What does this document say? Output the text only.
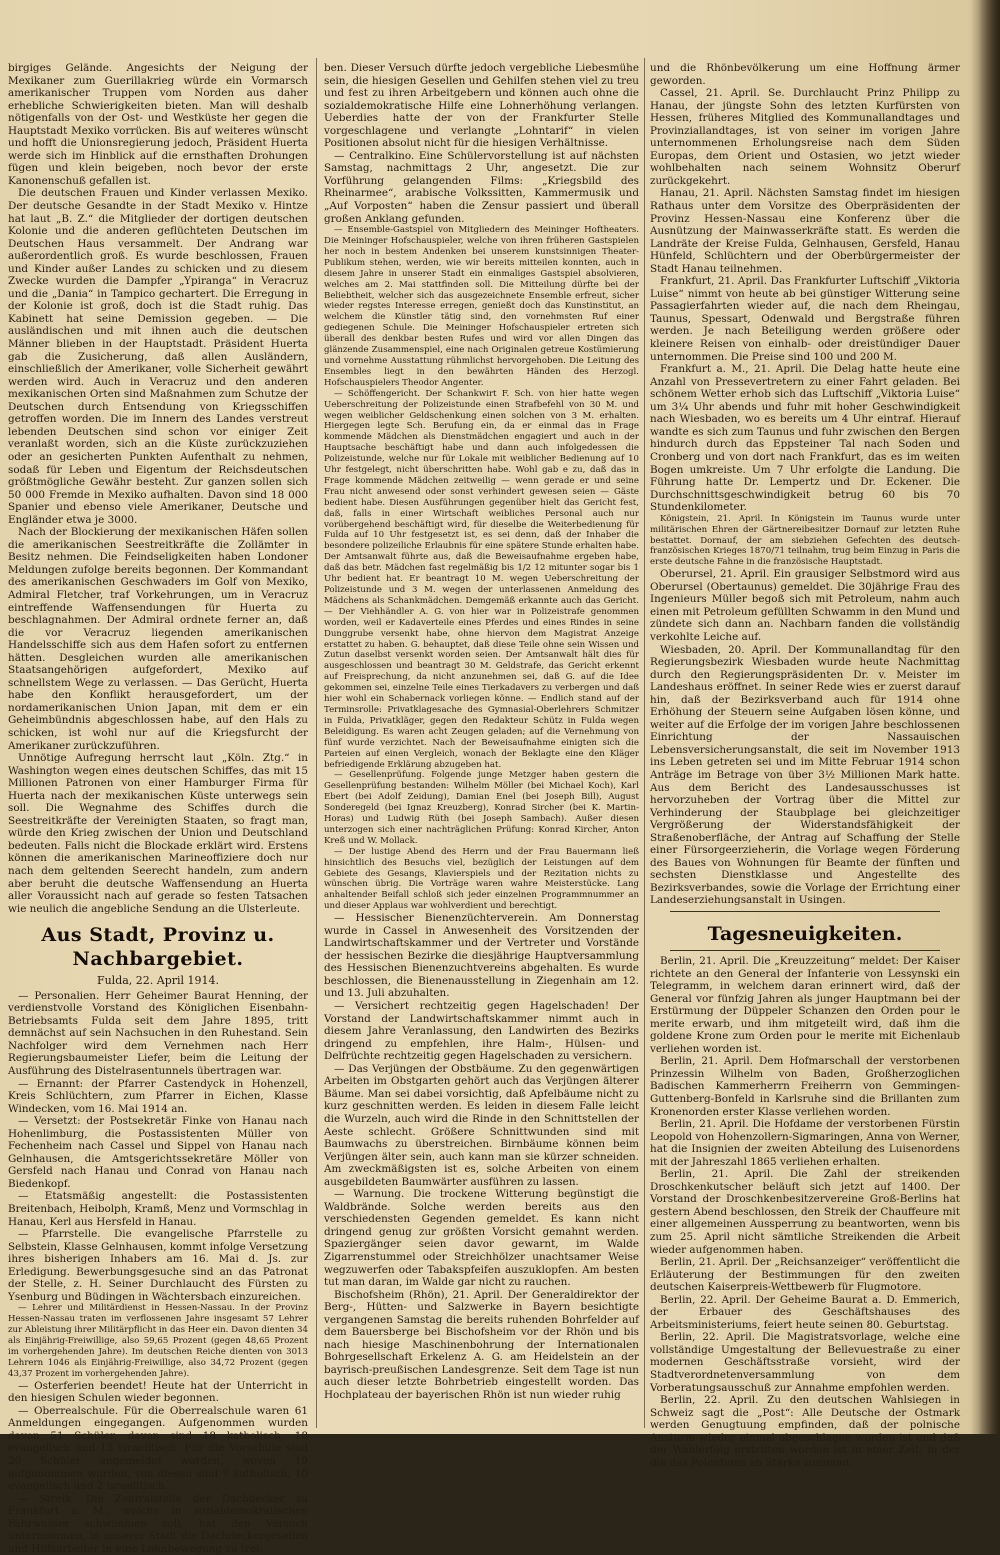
birgiges Gelände. Angesichts der Neigung der Mexikaner zum Guerillakrieg würde ein Vormarsch amerikanischer Truppen vom Norden aus daher erhebliche Schwierigkeiten bieten. Man will deshalb nötigenfalls von der Ost- und Westküste her gegen die Hauptstadt Mexiko vorrücken. Bis auf weiteres wünscht und hofft die Unionsregierung jedoch, Präsident Huerta werde sich im Hinblick auf die ernsthaften Drohungen fügen und klein beigeben, noch bevor der erste Kanonenschuß gefallen ist.

Die deutschen Frauen und Kinder verlassen Mexiko. Der deutsche Gesandte in der Stadt Mexiko v. Hintze hat laut „B. Z.“ die Mitglieder der dortigen deutschen Kolonie und die anderen geflüchteten Deutschen im Deutschen Haus versammelt. Der Andrang war außerordentlich groß. Es wurde beschlossen, Frauen und Kinder außer Landes zu schicken und zu diesem Zwecke wurden die Dampfer „Ypiranga“ in Veracruz und die „Dania“ in Tampico gechartert. Die Erregung in der Kolonie ist groß, doch ist die Stadt ruhig. Das Kabinett hat seine Demission gegeben. — Die ausländischen und mit ihnen auch die deutschen Männer blieben in der Hauptstadt. Präsident Huerta gab die Zusicherung, daß allen Ausländern, einschließlich der Amerikaner, volle Sicherheit gewährt werden wird. Auch in Veracruz und den anderen mexikanischen Orten sind Maßnahmen zum Schutze der Deutschen durch Entsendung von Kriegsschiffen getroffen worden. Die im Innern des Landes verstreut lebenden Deutschen sind schon vor einiger Zeit veranlaßt worden, sich an die Küste zurückzuziehen oder an gesicherten Punkten Aufenthalt zu nehmen, sodaß für Leben und Eigentum der Reichsdeutschen größtmögliche Gewähr besteht. Zur ganzen sollen sich 50 000 Fremde in Mexiko aufhalten. Davon sind 18 000 Spanier und ebenso viele Amerikaner, Deutsche und Engländer etwa je 3000.

Nach der Blockierung der mexikanischen Häfen sollen die amerikanischen Seestreitkräfte die Zollämter in Besitz nehmen. Die Feindseligkeiten haben Londoner Meldungen zufolge bereits begonnen. Der Kommandant des amerikanischen Geschwaders im Golf von Mexiko, Admiral Fletcher, traf Vorkehrungen, um in Veracruz eintreffende Waffensendungen für Huerta zu beschlagnahmen. Der Admiral ordnete ferner an, daß die vor Veracruz liegenden amerikanischen Handelsschiffe sich aus dem Hafen sofort zu entfernen hätten. Desgleichen wurden alle amerikanischen Staatsangehörigen aufgefordert, Mexiko auf schnellstem Wege zu verlassen. — Das Gerücht, Huerta habe den Konflikt herausgefordert, um der nordamerikanischen Union Japan, mit dem er ein Geheimbündnis abgeschlossen habe, auf den Hals zu schicken, ist wohl nur auf die Kriegsfurcht der Amerikaner zurückzuführen.

Unnötige Aufregung herrscht laut „Köln. Ztg.“ in Washington wegen eines deutschen Schiffes, das mit 15 Millionen Patronen von einer Hamburger Firma für Huerta nach der mexikanischen Küste unterwegs sein soll. Die Wegnahme des Schiffes durch die Seestreitkräfte der Vereinigten Staaten, so fragt man, würde den Krieg zwischen der Union und Deutschland bedeuten. Falls nicht die Blockade erklärt wird. Erstens können die amerikanischen Marineoffiziere doch nur nach dem geltenden Seerecht handeln, zum andern aber beruht die deutsche Waffensendung an Huerta aller Voraussicht nach auf gerade so festen Tatsachen wie neulich die angebliche Sendung an die Ulsterleute.

Aus Stadt, Provinz u. Nachbargebiet.

Fulda, 22. April 1914.

— Personalien. Herr Geheimer Baurat Henning, der verdienstvolle Vorstand des Königlichen Eisenbahn-Betriebsamts Fulda seit dem Jahre 1895, tritt demnächst auf sein Nachsuchen in den Ruhestand. Sein Nachfolger wird dem Vernehmen nach Herr Regierungsbaumeister Liefer, beim die Leitung der Ausführung des Distelrasentunnels übertragen war.

— Ernannt: der Pfarrer Castendyck in Hohenzell, Kreis Schlüchtern, zum Pfarrer in Eichen, Klasse Windecken, vom 16. Mai 1914 an.

— Versetzt: der Postsekretär Finke von Hanau nach Hohenlimburg, die Postassistenten Müller von Fechenheim nach Cassel und Sippel von Hanau nach Gelnhausen, die Amtsgerichtssekretäre Möller von Gersfeld nach Hanau und Conrad von Hanau nach Biedenkopf.

— Etatsmäßig angestellt: die Postassistenten Breitenbach, Heibolph, Kramß, Menz und Vormschlag in Hanau, Kerl aus Hersfeld in Hanau.

— Pfarrstelle. Die evangelische Pfarrstelle zu Selbstein, Klasse Gelnhausen, kommt infolge Versetzung ihres bisherigen Inhabers am 16. Mai d. Js. zur Erledigung. Bewerbungsgesuche sind an das Patronat der Stelle, z. H. Seiner Durchlaucht des Fürsten zu Ysenburg und Büdingen in Wächtersbach einzureichen.

— Lehrer und Militärdienst in Hessen-Nassau. In der Provinz Hessen-Nassau traten im verflossenen Jahre insgesamt 57 Lehrer zur Ableistung ihrer Militärpflicht in das Heer ein. Davon dienten 34 als Einjährig-Freiwillige, also 59,65 Prozent (gegen 48,65 Prozent im vorhergehenden Jahre). Im deutschen Reiche dienten von 3013 Lehrern 1046 als Einjährig-Freiwillige, also 34,72 Prozent (gegen 43,37 Prozent im vorhergehenden Jahre).

— Osterferien beendet! Heute hat der Unterricht in den hiesigen Schulen wieder begonnen.

— Oberrealschule. Für die Oberrealschule waren 61 Anmeldungen eingegangen. Aufgenommen wurden davon 51 Schüler, davon sind 18 katholisch, 18 evangelisch und 15 israelitisch. Für die Vorschule sind 20 Schüler angemeldet worden, wovon 19 aufgenommen wurden, von diesen sind 7 katholisch, 10 evangelisch und 2 israelitisch.

— Streik. Die Zentralstelle der Dachdecker zu Frankfurt a. M., welche in sozialdemokratischen Fahrwasser schwimmen soll, hat den Versuch unternommen, in unserer Stadt die Dachdeckergesellen und Hilfsarbeiter in eine Lohnbewegung zu trei-

ben. Dieser Versuch dürfte jedoch vergebliche Liebesmühe sein, die hiesigen Gesellen und Gehilfen stehen viel zu treu und fest zu ihren Arbeitgebern und können auch ohne die sozialdemokratische Hilfe eine Lohnerhöhung verlangen. Ueberdies hatte der von der Frankfurter Stelle vorgeschlagene und verlangte „Lohntarif“ in vielen Positionen absolut nicht für die hiesigen Verhältnisse.

— Centralkino. Eine Schülervorstellung ist auf nächsten Samstag, nachmittags 2 Uhr, angesetzt. Die zur Vorführung gelangenden Films: „Kriegsbild des Rheinarmee“, arabische Volkssitten, Kammermusik und „Auf Vorposten“ haben die Zensur passiert und überall großen Anklang gefunden.

— Ensemble-Gastspiel von Mitgliedern des Meininger Hoftheaters. Die Meininger Hofschauspieler, welche von ihren früheren Gastspielen her noch in bestem Andenken bei unserem kunstsinnigen Theater-Publikum stehen, werden, wie wir bereits mitteilen konnten, auch in diesem Jahre in unserer Stadt ein einmaliges Gastspiel absolvieren, welches am 2. Mai stattfinden soll. Die Mitteilung dürfte bei der Beliebtheit, welcher sich das ausgezeichnete Ensemble erfreut, sicher wieder regstes Interesse erregen, genießt doch das Kunstinstitut, an welchem die Künstler tätig sind, den vornehmsten Ruf einer gediegenen Schule. Die Meininger Hofschauspieler ertreten sich überall des denkbar besten Rufes und wird vor allen Dingen das glänzende Zusammenspiel, eine nach Originalen getreue Kostümierung und vornehme Ausstattung rühmlichst hervorgehoben. Die Leitung des Ensembles liegt in den bewährten Händen des Herzogl. Hofschauspielers Theodor Angenter.

— Schöffengericht. Der Schankwirt F. Sch. von hier hatte wegen Ueberschreitung der Polizeistunde einen Strafbefehl von 30 M. und wegen weiblicher Geldschenkung einen solchen von 3 M. erhalten. Hiergegen legte Sch. Berufung ein, da er einmal das in Frage kommende Mädchen als Dienstmädchen engagiert und auch in der Hauptsache beschäftigt habe und dann auch infolgedessen die Polizeistunde, welche nur für Lokale mit weiblicher Bedienung auf 10 Uhr festgelegt, nicht überschritten habe. Wohl gab e zu, daß das in Frage kommende Mädchen zeitweilig — wenn gerade er und seine Frau nicht anwesend oder sonst verhindert gewesen seien — Gäste bedient habe. Diesen Ausführungen gegenüber hielt das Gericht fest, daß, falls in einer Wirtschaft weibliches Personal auch nur vorübergehend beschäftigt wird, für dieselbe die Weiterbedienung für Fulda auf 10 Uhr festgesetzt ist, es sei denn, daß der Inhaber die besondere polizeiliche Erlaubnis für eine spätere Stunde erhalten habe. Der Amtsanwalt führte aus, daß die Beweisaufnahme ergeben habe, daß das betr. Mädchen fast regelmäßig bis 1/2 12 mitunter sogar bis 1 Uhr bedient hat. Er beantragt 10 M. wegen Ueberschreitung der Polizeistunde und 3 M. wegen der unterlassenen Anmeldung des Mädchens als Schankmädchen. Demgemäß erkannte auch das Gericht. — Der Viehhändler A. G. von hier war in Polizeistrafe genommen worden, weil er Kadaverteile eines Pferdes und eines Rindes in seine Dunggrube versenkt habe, ohne hiervon dem Magistrat Anzeige erstattet zu haben. G. behauptet, daß diese Teile ohne sein Wissen und Zutun daselbst versenkt worden seien. Der Amtsanwalt hält dies für ausgeschlossen und beantragt 30 M. Geldstrafe, das Gericht erkennt auf Freisprechung, da nicht anzunehmen sei, daß G. auf die Idee gekommen sei, einzelne Teile eines Tierkadavers zu verbergen und daß hier wohl ein Schabernack vorliegen könne. — Endlich stand auf der Terminsrolle: Privatklagesache des Gymnasial-Oberlehrers Schmitzer in Fulda, Privatkläger, gegen den Redakteur Schütz in Fulda wegen Beleidigung. Es waren acht Zeugen geladen; auf die Vernehmung von fünf wurde verzichtet. Nach der Beweisaufnahme einigten sich die Parteien auf einen Vergleich, wonach der Beklagte eine den Kläger befriedigende Erklärung abzugeben hat.

— Gesellenprüfung. Folgende junge Metzger haben gestern die Gesellenprüfung bestanden: Wilhelm Möller (bei Michael Koch), Karl Ebert (bei Adolf Zeidung), Damian Enel (bei Joseph Bill), August Sonderegeld (bei Ignaz Kreuzberg), Konrad Sircher (bei K. Martin-Horas) und Ludwig Rüth (bei Joseph Sambach). Außer diesen unterzogen sich einer nachträglichen Prüfung: Konrad Kircher, Anton Kreß und W. Mollack.

— Der lustige Abend des Herrn und der Frau Bauermann ließ hinsichtlich des Besuchs viel, bezüglich der Leistungen auf dem Gebiete des Gesangs, Klavierspiels und der Rezitation nichts zu wünschen übrig. Die Vorträge waren wahre Meisterstücke. Lang anhaltender Beifall schloß sich jeder einzelnen Programmnummer an und dieser Applaus war wohlverdient und berechtigt.

— Hessischer Bienenzüchterverein. Am Donnerstag wurde in Cassel in Anwesenheit des Vorsitzenden der Landwirtschaftskammer und der Vertreter und Vorstände der hessischen Bezirke die diesjährige Hauptversammlung des Hessischen Bienenzuchtvereins abgehalten. Es wurde beschlossen, die Bienenausstellung in Ziegenhain am 12. und 13. Juli abzuhalten.

— Versichert rechtzeitig gegen Hagelschaden! Der Vorstand der Landwirtschaftskammer nimmt auch in diesem Jahre Veranlassung, den Landwirten des Bezirks dringend zu empfehlen, ihre Halm-, Hülsen- und Delfrüchte rechtzeitig gegen Hagelschaden zu versichern.

— Das Verjüngen der Obstbäume. Zu den gegenwärtigen Arbeiten im Obstgarten gehört auch das Verjüngen älterer Bäume. Man sei dabei vorsichtig, daß Apfelbäume nicht zu kurz geschnitten werden. Es leiden in diesem Falle leicht die Wurzeln, auch wird die Rinde in den Schnittstellen der Aeste schlecht. Größere Schnittwunden sind mit Baumwachs zu überstreichen. Birnbäume können beim Verjüngen älter sein, auch kann man sie kürzer schneiden. Am zweckmäßigsten ist es, solche Arbeiten von einem ausgebildeten Baumwärter ausführen zu lassen.

— Warnung. Die trockene Witterung begünstigt die Waldbrände. Solche werden bereits aus den verschiedensten Gegenden gemeldet. Es kann nicht dringend genug zur größten Vorsicht gemahnt werden. Spaziergänger seien davor gewarnt, im Walde Zigarrenstummel oder Streichhölzer unachtsamer Weise wegzuwerfen oder Tabakspfeifen auszuklopfen. Am besten tut man daran, im Walde gar nicht zu rauchen.

Bischofsheim (Rhön), 21. April. Der Generaldirektor der Berg-, Hütten- und Salzwerke in Bayern besichtigte vergangenen Samstag die bereits ruhenden Bohrfelder auf dem Bauersberge bei Bischofsheim vor der Rhön und bis nach hiesige Maschinenbohrung der Internationalen Bohrgesellschaft Erkelenz A. G. am Heidelstein an der bayrisch-preußischen Landesgrenze. Seit dem Tage ist nun auch dieser letzte Bohrbetrieb eingestellt worden. Das Hochplateau der bayerischen Rhön ist nun wieder ruhig

und die Rhönbevölkerung um eine Hoffnung ärmer geworden.

Cassel, 21. April. Se. Durchlaucht Prinz Philipp zu Hanau, der jüngste Sohn des letzten Kurfürsten von Hessen, früheres Mitglied des Kommunallandtages und Provinziallandtages, ist von seiner im vorigen Jahre unternommenen Erholungsreise nach dem Süden Europas, dem Orient und Ostasien, wo jetzt wieder wohlbehalten nach seinem Wohnsitz Oberurf zurückgekehrt.

Hanau, 21. April. Nächsten Samstag findet im hiesigen Rathaus unter dem Vorsitze des Oberpräsidenten der Provinz Hessen-Nassau eine Konferenz über die Ausnützung der Mainwasserkräfte statt. Es werden die Landräte der Kreise Fulda, Gelnhausen, Gersfeld, Hanau Hünfeld, Schlüchtern und der Oberbürgermeister der Stadt Hanau teilnehmen.

Frankfurt, 21. April. Das Frankfurter Luftschiff „Viktoria Luise“ nimmt von heute ab bei günstiger Witterung seine Passagierfahrten wieder auf, die nach dem Rheingau, Taunus, Spessart, Odenwald und Bergstraße führen werden. Je nach Beteiligung werden größere oder kleinere Reisen von einhalb- oder dreistündiger Dauer unternommen. Die Preise sind 100 und 200 M.

Frankfurt a. M., 21. April. Die Delag hatte heute eine Anzahl von Pressevertretern zu einer Fahrt geladen. Bei schönem Wetter erhob sich das Luftschiff „Viktoria Luise“ um 3¼ Uhr abends und fuhr mit hoher Geschwindigkeit nach Wiesbaden, wo es bereits um 4 Uhr eintraf. Hierauf wandte es sich zum Taunus und fuhr zwischen den Bergen hindurch durch das Eppsteiner Tal nach Soden und Cronberg und von dort nach Frankfurt, das es im weiten Bogen umkreiste. Um 7 Uhr erfolgte die Landung. Die Führung hatte Dr. Lempertz und Dr. Eckener. Die Durchschnittsgeschwindigkeit betrug 60 bis 70 Stundenkilometer.

Königstein, 21. April. In Königstein im Taunus wurde unter militärischen Ehren der Gärtnereibesitzer Dornauf zur letzten Ruhe bestattet. Dornauf, der am siebziehen Gefechten des deutsch-französischen Krieges 1870/71 teilnahm, trug beim Einzug in Paris die erste deutsche Fahne in die französische Hauptstadt.

Oberursel, 21. April. Ein grausiger Selbstmord wird aus Oberursel (Obertaunus) gemeldet. Die 30jährige Frau des Ingenieurs Müller begoß sich mit Petroleum, nahm auch einen mit Petroleum gefüllten Schwamm in den Mund und zündete sich dann an. Nachbarn fanden die vollständig verkohlte Leiche auf.

Wiesbaden, 20. April. Der Kommunallandtag für den Regierungsbezirk Wiesbaden wurde heute Nachmittag durch den Regierungspräsidenten Dr. v. Meister im Landeshaus eröffnet. In seiner Rede wies er zuerst darauf hin, daß der Bezirksverband auch für 1914 ohne Erhöhung der Steuern seine Aufgaben lösen könne, und weiter auf die Erfolge der im vorigen Jahre beschlossenen Einrichtung der Nassauischen Lebensversicherungsanstalt, die seit im November 1913 ins Leben getreten sei und im Mitte Februar 1914 schon Anträge im Betrage von über 3½ Millionen Mark hatte. Aus dem Bericht des Landesausschusses ist hervorzuheben der Vortrag über die Mittel zur Verhinderung der Staubplage bei gleichzeitiger Vergrößerung der Widerstandsfähigkeit der Straßenoberfläche, der Antrag auf Schaffung der Stelle einer Fürsorgeerzieherin, die Vorlage wegen Förderung des Baues von Wohnungen für Beamte der fünften und sechsten Dienstklasse und Angestellte des Bezirksverbandes, sowie die Vorlage der Errichtung einer Landeserziehungsanstalt in Usingen.

Tagesneuigkeiten.

Berlin, 21. April. Die „Kreuzzeitung“ meldet: Der Kaiser richtete an den General der Infanterie von Lessynski ein Telegramm, in welchem daran erinnert wird, daß der General vor fünfzig Jahren als junger Hauptmann bei der Erstürmung der Düppeler Schanzen den Orden pour le merite erwarb, und ihm mitgeteilt wird, daß ihm die goldene Krone zum Orden pour le merite mit Eichenlaub verliehen worden ist.

Berlin, 21. April. Dem Hofmarschall der verstorbenen Prinzessin Wilhelm von Baden, Großherzoglichen Badischen Kammerherrn Freiherrn von Gemmingen-Guttenberg-Bonfeld in Karlsruhe sind die Brillanten zum Kronenorden erster Klasse verliehen worden.

Berlin, 21. April. Die Hofdame der verstorbenen Fürstin Leopold von Hohenzollern-Sigmaringen, Anna von Werner, hat die Insignien der zweiten Abteilung des Luisenordens mit der Jahreszahl 1865 verliehen erhalten.

Berlin, 21. April. Die Zahl der streikenden Droschkenkutscher beläuft sich jetzt auf 1400. Der Vorstand der Droschkenbesitzervereine Groß-Berlins hat gestern Abend beschlossen, den Streik der Chauffeure mit einer allgemeinen Aussperrung zu beantworten, wenn bis zum 25. April nicht sämtliche Streikenden die Arbeit wieder aufgenommen haben.

Berlin, 21. April. Der „Reichsanzeiger“ veröffentlicht die Erläuterung der Bestimmungen für den zweiten deutschen Kaiserpreis-Wettbewerb für Flugmotore.

Berlin, 22. April. Der Geheime Baurat a. D. Emmerich, der Erbauer des Geschäftshauses des Arbeitsministeriums, feiert heute seinen 80. Geburtstag.

Berlin, 22. April. Die Magistratsvorlage, welche eine vollständige Umgestaltung der Bellevuestraße zu einer modernen Geschäftsstraße vorsieht, wird der Stadtverordnetenversammlung von dem Vorberatungsausschuß zur Annahme empfohlen werden.

Berlin, 22. April. Zu den deutschen Wahlsiegen in Schweiz sagt die „Post“: Alle Deutsche der Ostmark werden Genugtuung empfinden, daß der polnische Ansturm wieder einmal abgeschlagen worden ist und daß der Wahlerfolg erstritten worden ist in einer Zeit, in der die das Polentums an Stärke zunimmt.
